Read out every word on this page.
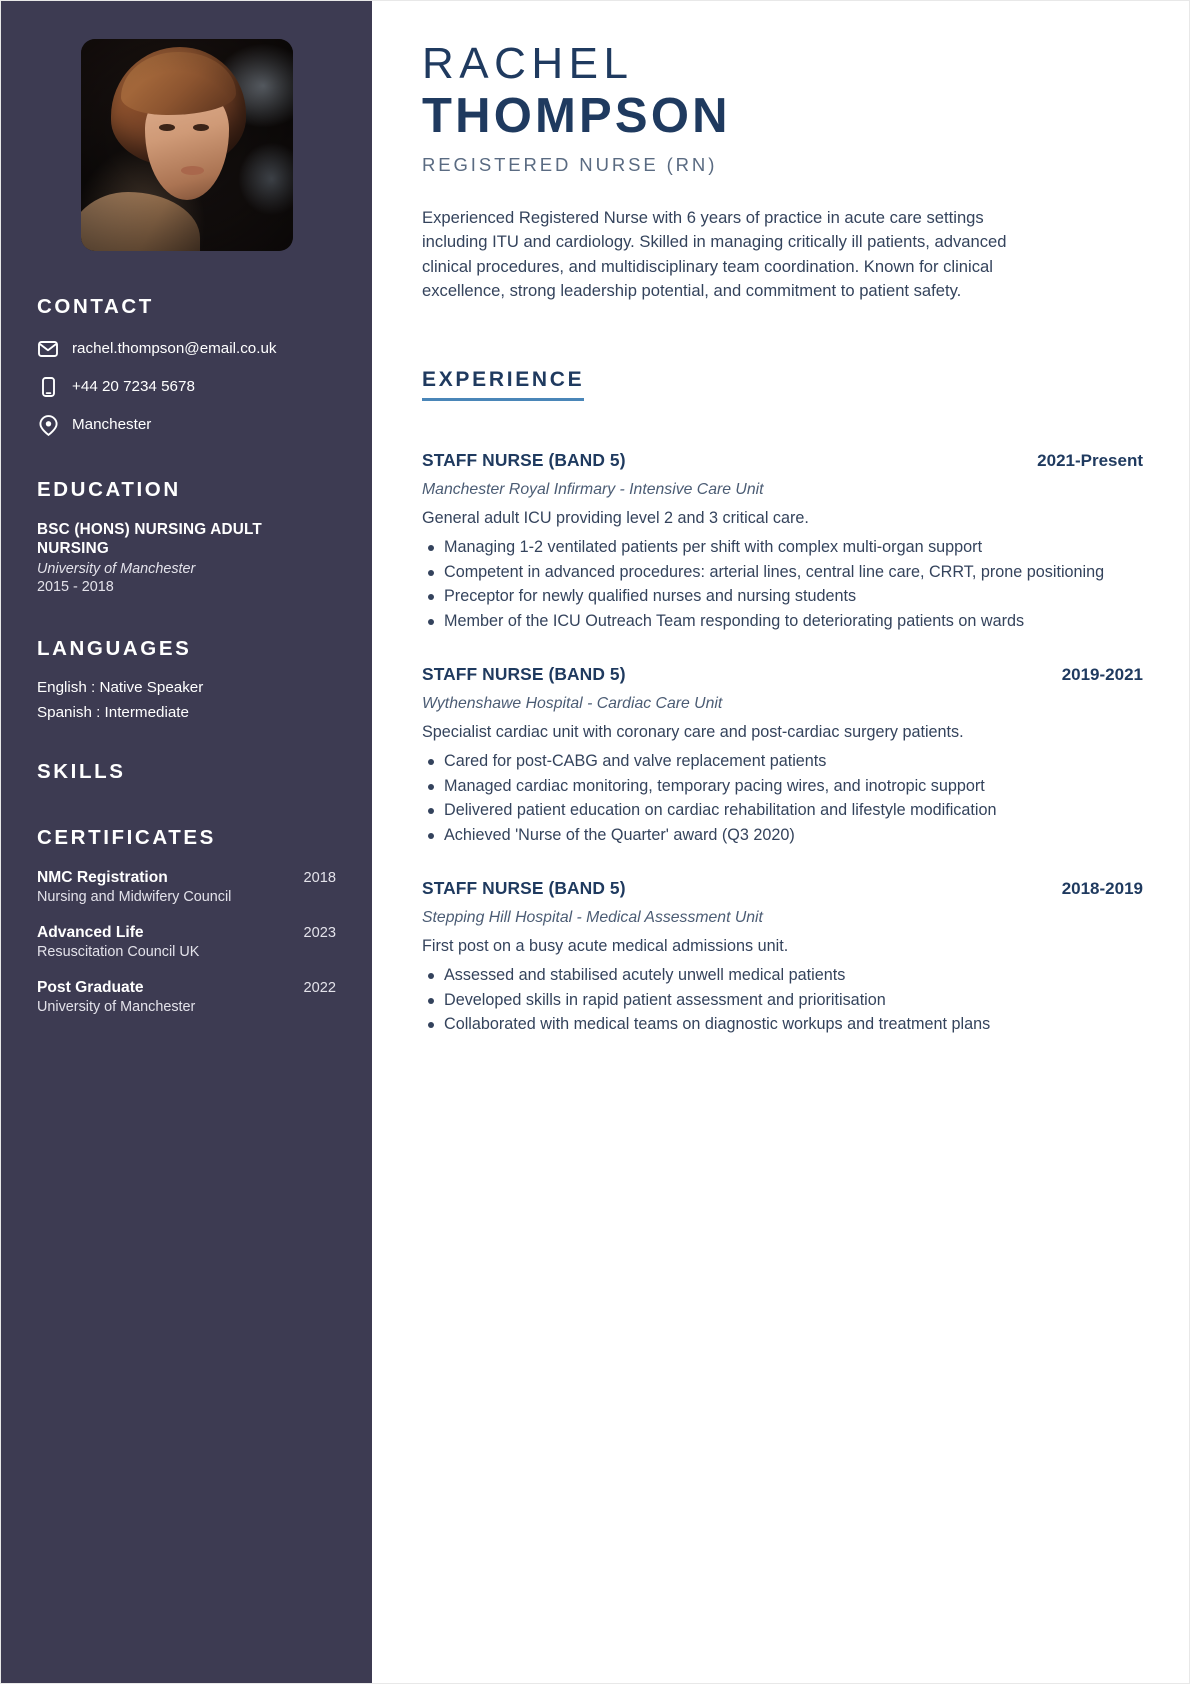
CONTACT
rachel.thompson@email.co.uk
+44 20 7234 5678
Manchester
EDUCATION
BSC (HONS) NURSING ADULT NURSING
University of Manchester
2015 - 2018
LANGUAGES
English : Native Speaker
Spanish : Intermediate
SKILLS
CERTIFICATES
NMC Registration	2018
Nursing and Midwifery Council
Advanced Life	2023
Resuscitation Council UK
Post Graduate	2022
University of Manchester
RACHEL
THOMPSON
REGISTERED NURSE (RN)

Experienced Registered Nurse with 6 years of practice in acute care settings including ITU and cardiology. Skilled in managing critically ill patients, advanced clinical procedures, and multidisciplinary team coordination. Known for clinical excellence, strong leadership potential, and commitment to patient safety.

EXPERIENCE
STAFF NURSE (BAND 5)	2021-Present
Manchester Royal Infirmary - Intensive Care Unit
General adult ICU providing level 2 and 3 critical care.
Managing 1-2 ventilated patients per shift with complex multi-organ support
Competent in advanced procedures: arterial lines, central line care, CRRT, prone positioning
Preceptor for newly qualified nurses and nursing students
Member of the ICU Outreach Team responding to deteriorating patients on wards
STAFF NURSE (BAND 5)	2019-2021
Wythenshawe Hospital - Cardiac Care Unit
Specialist cardiac unit with coronary care and post-cardiac surgery patients.
Cared for post-CABG and valve replacement patients
Managed cardiac monitoring, temporary pacing wires, and inotropic support
Delivered patient education on cardiac rehabilitation and lifestyle modification
Achieved 'Nurse of the Quarter' award (Q3 2020)
STAFF NURSE (BAND 5)	2018-2019
Stepping Hill Hospital - Medical Assessment Unit
First post on a busy acute medical admissions unit.
Assessed and stabilised acutely unwell medical patients
Developed skills in rapid patient assessment and prioritisation
Collaborated with medical teams on diagnostic workups and treatment plans
